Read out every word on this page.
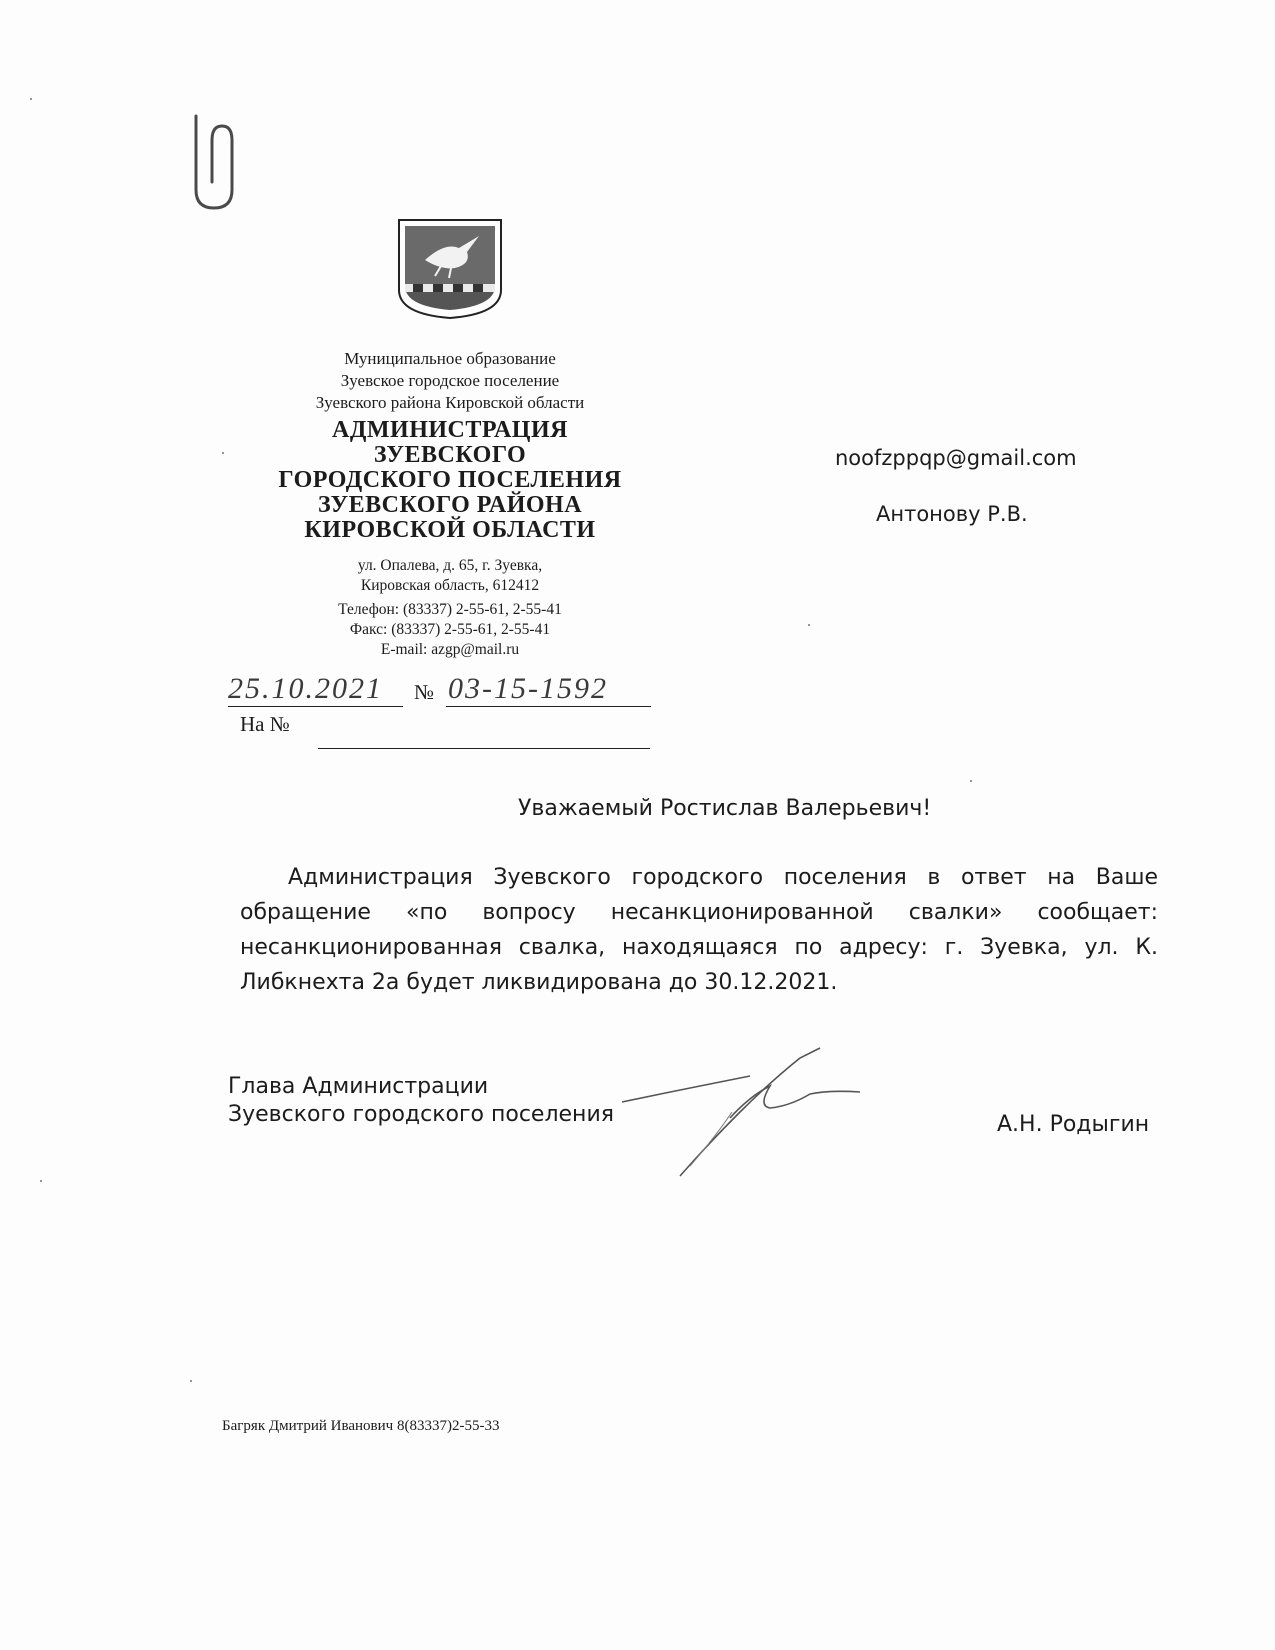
Муниципальное образование
Зуевское городское поселение
Зуевского района Кировской области
АДМИНИСТРАЦИЯ
ЗУЕВСКОГО
ГОРОДСКОГО ПОСЕЛЕНИЯ
ЗУЕВСКОГО РАЙОНА
КИРОВСКОЙ ОБЛАСТИ
ул. Опалева, д. 65, г. Зуевка,
Кировская область, 612412
Телефон: (83337) 2-55-61, 2-55-41
Факс: (83337) 2-55-61, 2-55-41
E-mail: azgp@mail.ru
25.10.2021 № 03-15-1592
На №
noofzppqp@gmail.com
Антонову Р.В.
Уважаемый Ростислав Валерьевич!

Администрация Зуевского городского поселения в ответ на Ваше обращение «по вопросу несанкционированной свалки» сообщает: несанкционированная свалка, находящаяся по адресу: г. Зуевка, ул. К. Либкнехта 2а будет ликвидирована до 30.12.2021.

Глава Администрации
Зуевского городского поселения	А.Н. Родыгин
Багряк Дмитрий Иванович 8(83337)2-55-33
